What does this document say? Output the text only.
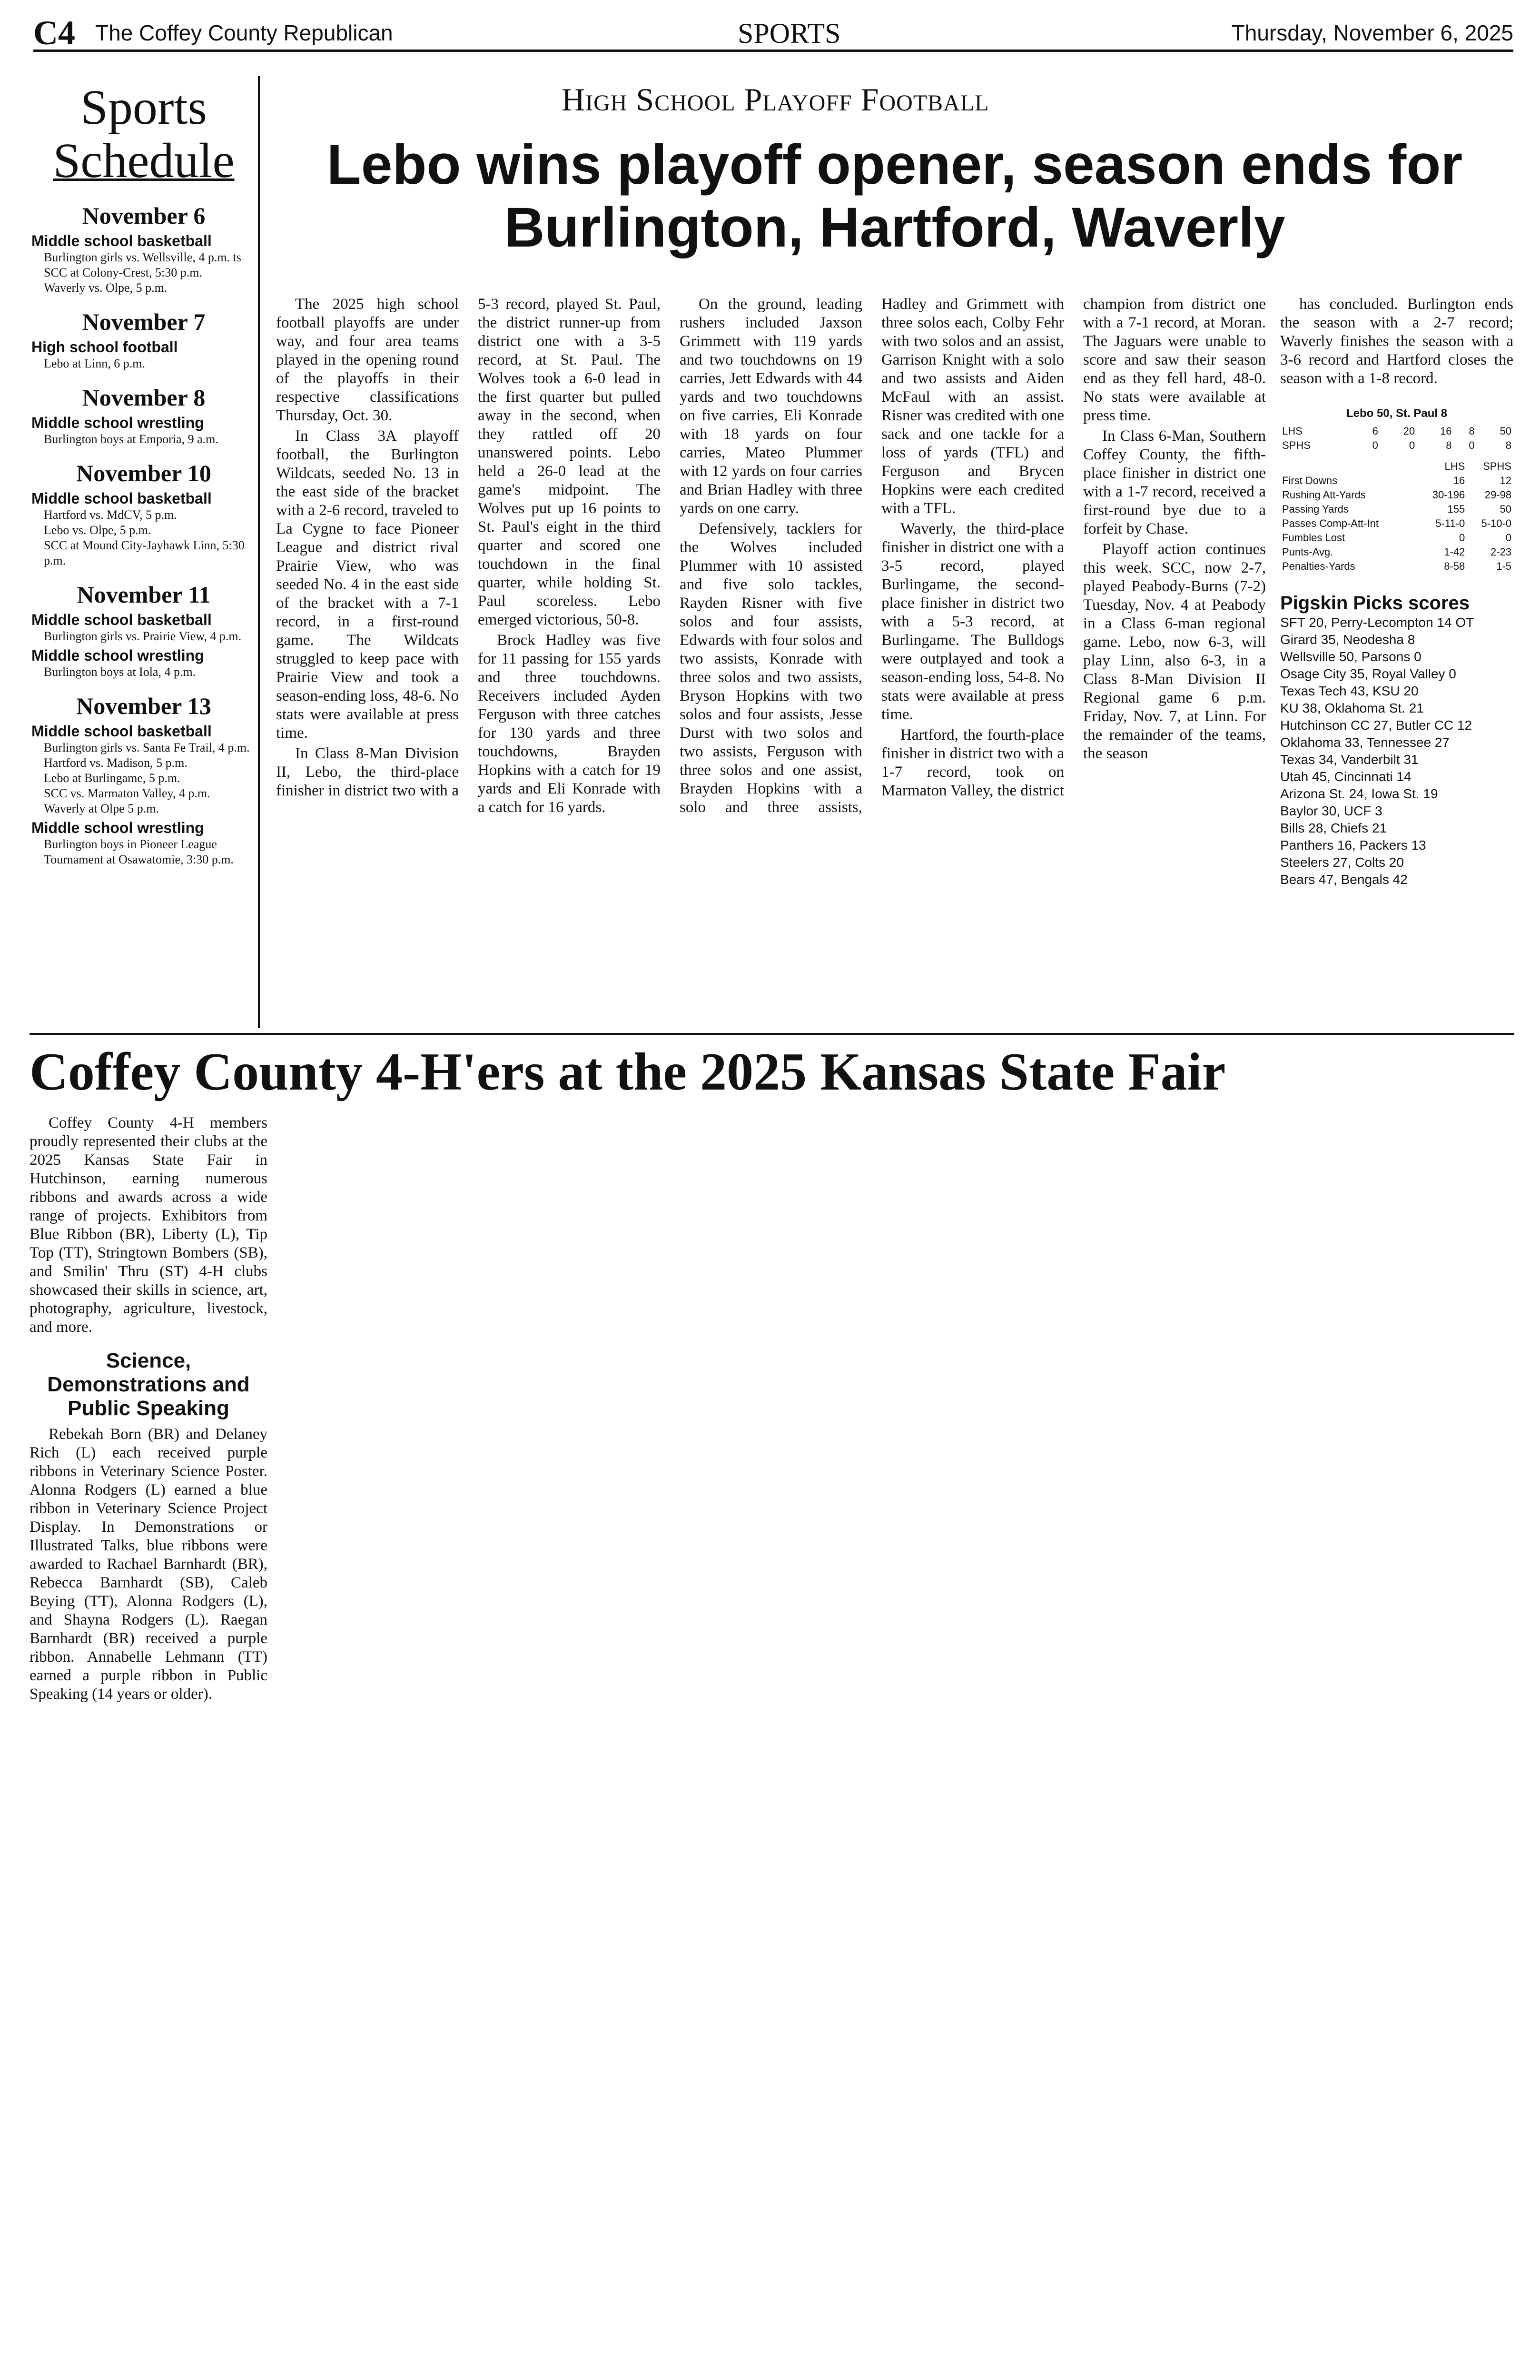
C4 The Coffey County Republican	SPORTS	Thursday, November 6, 2025
Sports
Schedule
November 6
Middle school basketball
Burlington girls vs. Wellsville, 4 p.m. ts
SCC at Colony-Crest, 5:30 p.m.
Waverly vs. Olpe, 5 p.m.
November 7
High school football
Lebo at Linn, 6 p.m.
November 8
Middle school wrestling
Burlington boys at Emporia, 9 a.m.
November 10
Middle school basketball
Hartford vs. MdCV, 5 p.m.
Lebo vs. Olpe, 5 p.m.
SCC at Mound City-Jayhawk Linn, 5:30 p.m.
November 11
Middle school basketball
Burlington girls vs. Prairie View, 4 p.m.
Middle school wrestling
Burlington boys at Iola, 4 p.m.
November 13
Middle school basketball
Burlington girls vs. Santa Fe Trail, 4 p.m.
Hartford vs. Madison, 5 p.m.
Lebo at Burlingame, 5 p.m.
SCC vs. Marmaton Valley, 4 p.m.
Waverly at Olpe 5 p.m.
Middle school wrestling
Burlington boys in Pioneer League Tournament at Osawatomie, 3:30 p.m.
High School Playoff Football
Lebo wins playoff opener, season ends for Burlington, Hartford, Waverly

The 2025 high school football playoffs are under way, and four area teams played in the opening round of the playoffs in their respective classifications Thursday, Oct. 30.

In Class 3A playoff football, the Burlington Wildcats, seeded No. 13 in the east side of the bracket with a 2-6 record, traveled to La Cygne to face Pioneer League and district rival Prairie View, who was seeded No. 4 in the east side of the bracket with a 7-1 record, in a first-round game. The Wildcats struggled to keep pace with Prairie View and took a season-ending loss, 48-6. No stats were available at press time.

In Class 8-Man Division II, Lebo, the third-place finisher in district two with a 5-3 record, played St. Paul, the district runner-up from district one with a 3-5 record, at St. Paul. The Wolves took a 6-0 lead in the first quarter but pulled away in the second, when they rattled off 20 unanswered points. Lebo held a 26-0 lead at the game's midpoint. The Wolves put up 16 points to St. Paul's eight in the third quarter and scored one touchdown in the final quarter, while holding St. Paul scoreless. Lebo emerged victorious, 50-8.

Brock Hadley was five for 11 passing for 155 yards and three touchdowns. Receivers included Ayden Ferguson with three catches for 130 yards and three touchdowns, Brayden Hopkins with a catch for 19 yards and Eli Konrade with a catch for 16 yards.

On the ground, leading rushers included Jaxson Grimmett with 119 yards and two touchdowns on 19 carries, Jett Edwards with 44 yards and two touchdowns on five carries, Eli Konrade with 18 yards on four carries, Mateo Plummer with 12 yards on four carries and Brian Hadley with three yards on one carry.

Defensively, tacklers for the Wolves included Plummer with 10 assisted and five solo tackles, Rayden Risner with five solos and four assists, Edwards with four solos and two assists, Konrade with three solos and two assists, Bryson Hopkins with two solos and four assists, Jesse Durst with two solos and two assists, Ferguson with three solos and one assist, Brayden Hopkins with a solo and three assists, Hadley and Grimmett with three solos each, Colby Fehr with two solos and an assist, Garrison Knight with a solo and two assists and Aiden McFaul with an assist. Risner was credited with one sack and one tackle for a loss of yards (TFL) and Ferguson and Brycen Hopkins were each credited with a TFL.

Waverly, the third-place finisher in district one with a 3-5 record, played Burlingame, the second-place finisher in district two with a 5-3 record, at Burlingame. The Bulldogs were outplayed and took a season-ending loss, 54-8. No stats were available at press time.

Hartford, the fourth-place finisher in district two with a 1-7 record, took on Marmaton Valley, the district champion from district one with a 7-1 record, at Moran. The Jaguars were unable to score and saw their season end as they fell hard, 48-0. No stats were available at press time.

In Class 6-Man, Southern Coffey County, the fifth-place finisher in district one with a 1-7 record, received a first-round bye due to a forfeit by Chase.

Playoff action continues this week. SCC, now 2-7, played Peabody-Burns (7-2) Tuesday, Nov. 4 at Peabody in a Class 6-man regional game. Lebo, now 6-3, will play Linn, also 6-3, in a Class 8-Man Division II Regional game 6 p.m. Friday, Nov. 7, at Linn. For the remainder of the teams, the season

has concluded. Burlington ends the season with a 2-7 record; Waverly finishes the season with a 3-6 record and Hartford closes the season with a 1-8 record.

Lebo 50, St. Paul 8
LHS	6	20	16	8	50
SPHS	0	0	8	0	8
	LHS	SPHS
First Downs	16	12
Rushing Att-Yards	30-196	29-98
Passing Yards	155	50
Passes Comp-Att-Int	5-11-0	5-10-0
Fumbles Lost	0	0
Punts-Avg.	1-42	2-23
Penalties-Yards	8-58	1-5
Pigskin Picks scores
SFT 20, Perry-Lecompton 14 OT
Girard 35, Neodesha 8
Wellsville 50, Parsons 0
Osage City 35, Royal Valley 0
Texas Tech 43, KSU 20
KU 38, Oklahoma St. 21
Hutchinson CC 27, Butler CC 12
Oklahoma 33, Tennessee 27
Texas 34, Vanderbilt 31
Utah 45, Cincinnati 14
Arizona St. 24, Iowa St. 19
Baylor 30, UCF 3
Bills 28, Chiefs 21
Panthers 16, Packers 13
Steelers 27, Colts 20
Bears 47, Bengals 42
Coffey County 4-H'ers at the 2025 Kansas State Fair

Coffey County 4-H members proudly represented their clubs at the 2025 Kansas State Fair in Hutchinson, earning numerous ribbons and awards across a wide range of projects. Exhibitors from Blue Ribbon (BR), Liberty (L), Tip Top (TT), Stringtown Bombers (SB), and Smilin' Thru (ST) 4-H clubs showcased their skills in science, art, photography, agriculture, livestock, and more.

Science, Demonstrations and Public Speaking

Rebekah Born (BR) and Delaney Rich (L) each received purple ribbons in Veterinary Science Poster. Alonna Rodgers (L) earned a blue ribbon in Veterinary Science Project Display. In Demonstrations or Illustrated Talks, blue ribbons were awarded to Rachael Barnhardt (BR), Rebecca Barnhardt (SB), Caleb Beying (TT), Alonna Rodgers (L), and Shayna Rodgers (L). Raegan Barnhardt (BR) received a purple ribbon. Annabelle Lehmann (TT) earned a purple ribbon in Public Speaking (14 years or older).
